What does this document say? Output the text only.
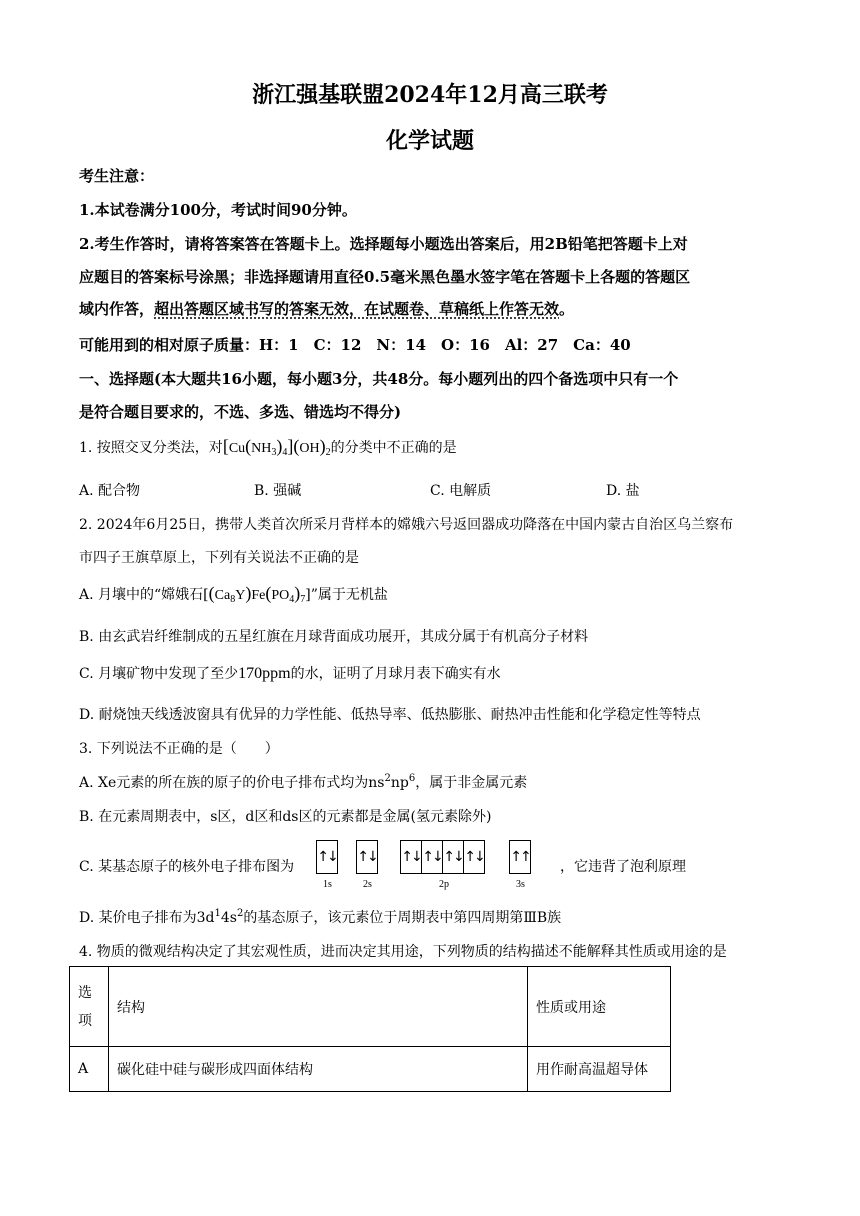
浙江强基联盟2024年12月高三联考
化学试题
考生注意：
1.本试卷满分100分，考试时间90分钟。
2.考生作答时，请将答案答在答题卡上。选择题每小题选出答案后，用2B铅笔把答题卡上对
应题目的答案标号涂黑；非选择题请用直径0.5毫米黑色墨水签字笔在答题卡上各题的答题区
域内作答，超出答题区域书写的答案无效，在试题卷、草稿纸上作答无效。
可能用到的相对原子质量：H：1　C：12　N：14　O：16　Al：27　Ca：40
一、选择题(本大题共16小题，每小题3分，共48分。每小题列出的四个备选项中只有一个
是符合题目要求的，不选、多选、错选均不得分)
1. 按照交叉分类法，对$[Cu(NH_3)_4](OH)_2$的分类中不正确的是
A. 配合物	B. 强碱	C. 电解质	D. 盐
2. 2024年6月25日，携带人类首次所采月背样本的嫦娥六号返回器成功降落在中国内蒙古自治区乌兰察布
市四子王旗草原上，下列有关说法不正确的是
A. 月壤中的“嫦娥石$[(Ca_8Y)Fe(PO_4)_7]$”属于无机盐
B. 由玄武岩纤维制成的五星红旗在月球背面成功展开，其成分属于有机高分子材料
C. 月壤矿物中发现了至少170ppm的水，证明了月球月表下确实有水
D. 耐烧蚀天线透波窗具有优异的力学性能、低热导率、低热膨胀、耐热冲击性能和化学稳定性等特点
3. 下列说法不正确的是（　　）
A. Xe元素的所在族的原子的价电子排布式均为$ns^2np^6$，属于非金属元素
B. 在元素周期表中，s区，d区和ds区的元素都是金属(氢元素除外)
C. 某基态原子的核外电子排布图为
↑↓ ↑↓ ↑↓ ↑↓ ↑↓ ↑↓ ↑↑
1s	2s	2p	3s
，它违背了泡利原理
D. 某价电子排布为$3d^14s^2$的基态原子，该元素位于周期表中第四周期第ⅢB族
4. 物质的微观结构决定了其宏观性质，进而决定其用途，下列物质的结构描述不能解释其性质或用途的是
选
项	结构	性质或用途
A	碳化硅中硅与碳形成四面体结构	用作耐高温超导体
